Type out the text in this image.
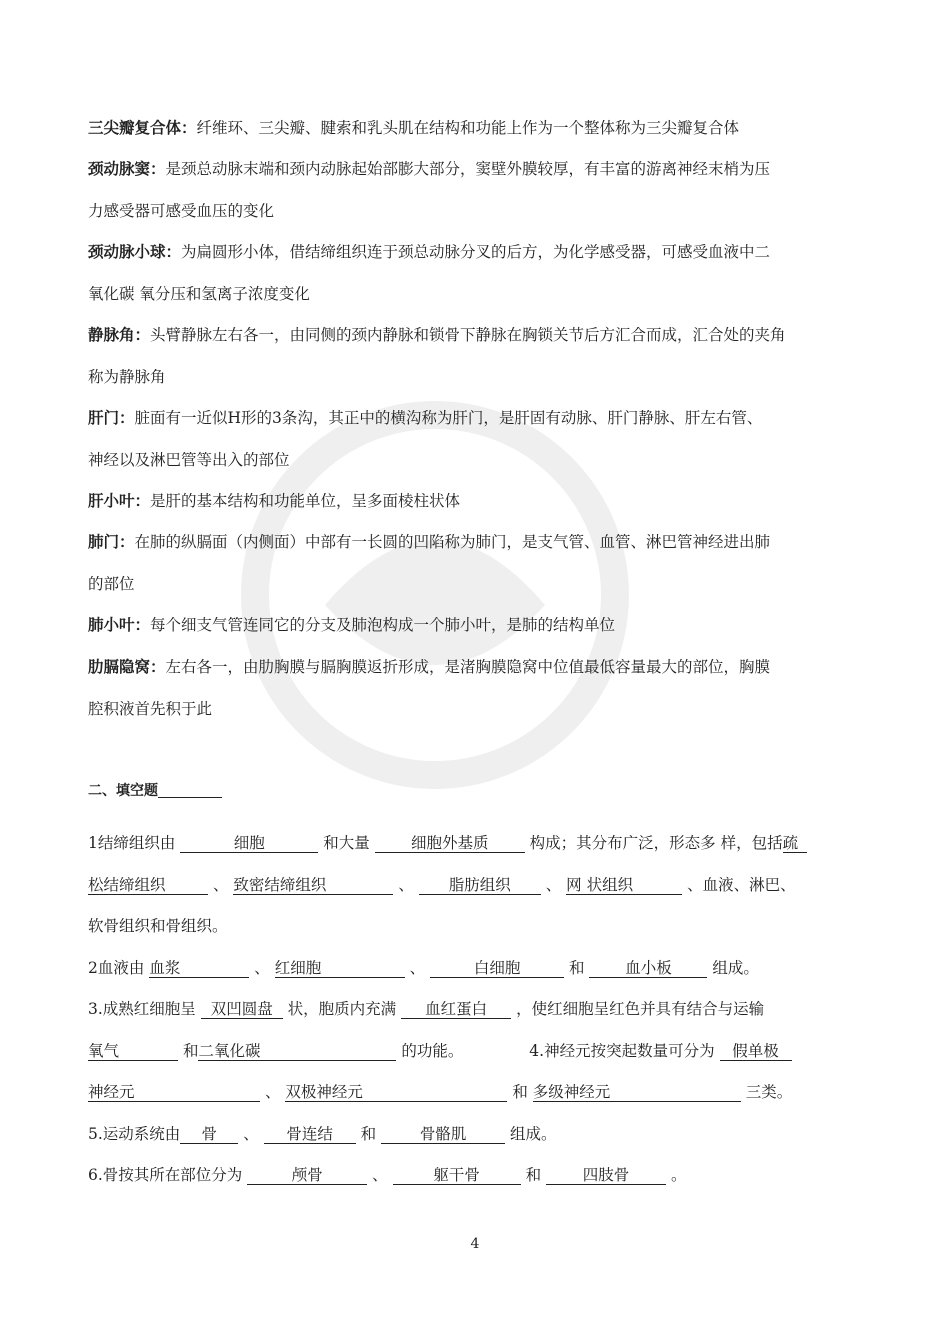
三尖瓣复合体：纤维环、三尖瓣、腱索和乳头肌在结构和功能上作为一个整体称为三尖瓣复合体
颈动脉窦：是颈总动脉末端和颈内动脉起始部膨大部分，窦壁外膜较厚，有丰富的游离神经末梢为压
力感受器可感受血压的变化
颈动脉小球：为扁圆形小体，借结缔组织连于颈总动脉分叉的后方，为化学感受器，可感受血液中二
氧化碳 氧分压和氢离子浓度变化
静脉角：头臂静脉左右各一，由同侧的颈内静脉和锁骨下静脉在胸锁关节后方汇合而成，汇合处的夹角
称为静脉角
肝门：脏面有一近似H形的3条沟，其正中的横沟称为肝门，是肝固有动脉、肝门静脉、肝左右管、
神经以及淋巴管等出入的部位
肝小叶：是肝的基本结构和功能单位，呈多面棱柱状体
肺门：在肺的纵膈面（内侧面）中部有一长圆的凹陷称为肺门，是支气管、血管、淋巴管神经进出肺
的部位
肺小叶：每个细支气管连同它的分支及肺泡构成一个肺小叶，是肺的结构单位
肋膈隐窝：左右各一，由肋胸膜与膈胸膜返折形成，是渚胸膜隐窝中位值最低容量最大的部位，胸膜
腔积液首先积于此
二、填空题
1结缔组织由	细胞	和大量	细胞外基质	构成；其分布广泛，形态多 样，包括疏
松结缔组织	、 致密结缔组织	、 脂肪组织 、 网 状组织	、血液、淋巴、
软骨组织和骨组织。
2血液由 血浆	、 红细胞	、	白细胞	和	血小板	组成。
3.成熟红细胞呈 双凹圆盘 状，胞质内充满 血红蛋白 ，使红细胞呈红色并具有结合与运输
氧气	和二氧化碳	的功能。	4.神经元按突起数量可分为 假单极
神经元	、 双极神经元	和 多级神经元	三类。
5.运动系统由 骨 、 骨连结 和	骨骼肌	组成。
6.骨按其所在部位分为	颅骨	、	躯干骨	和	四肢骨	。
4
